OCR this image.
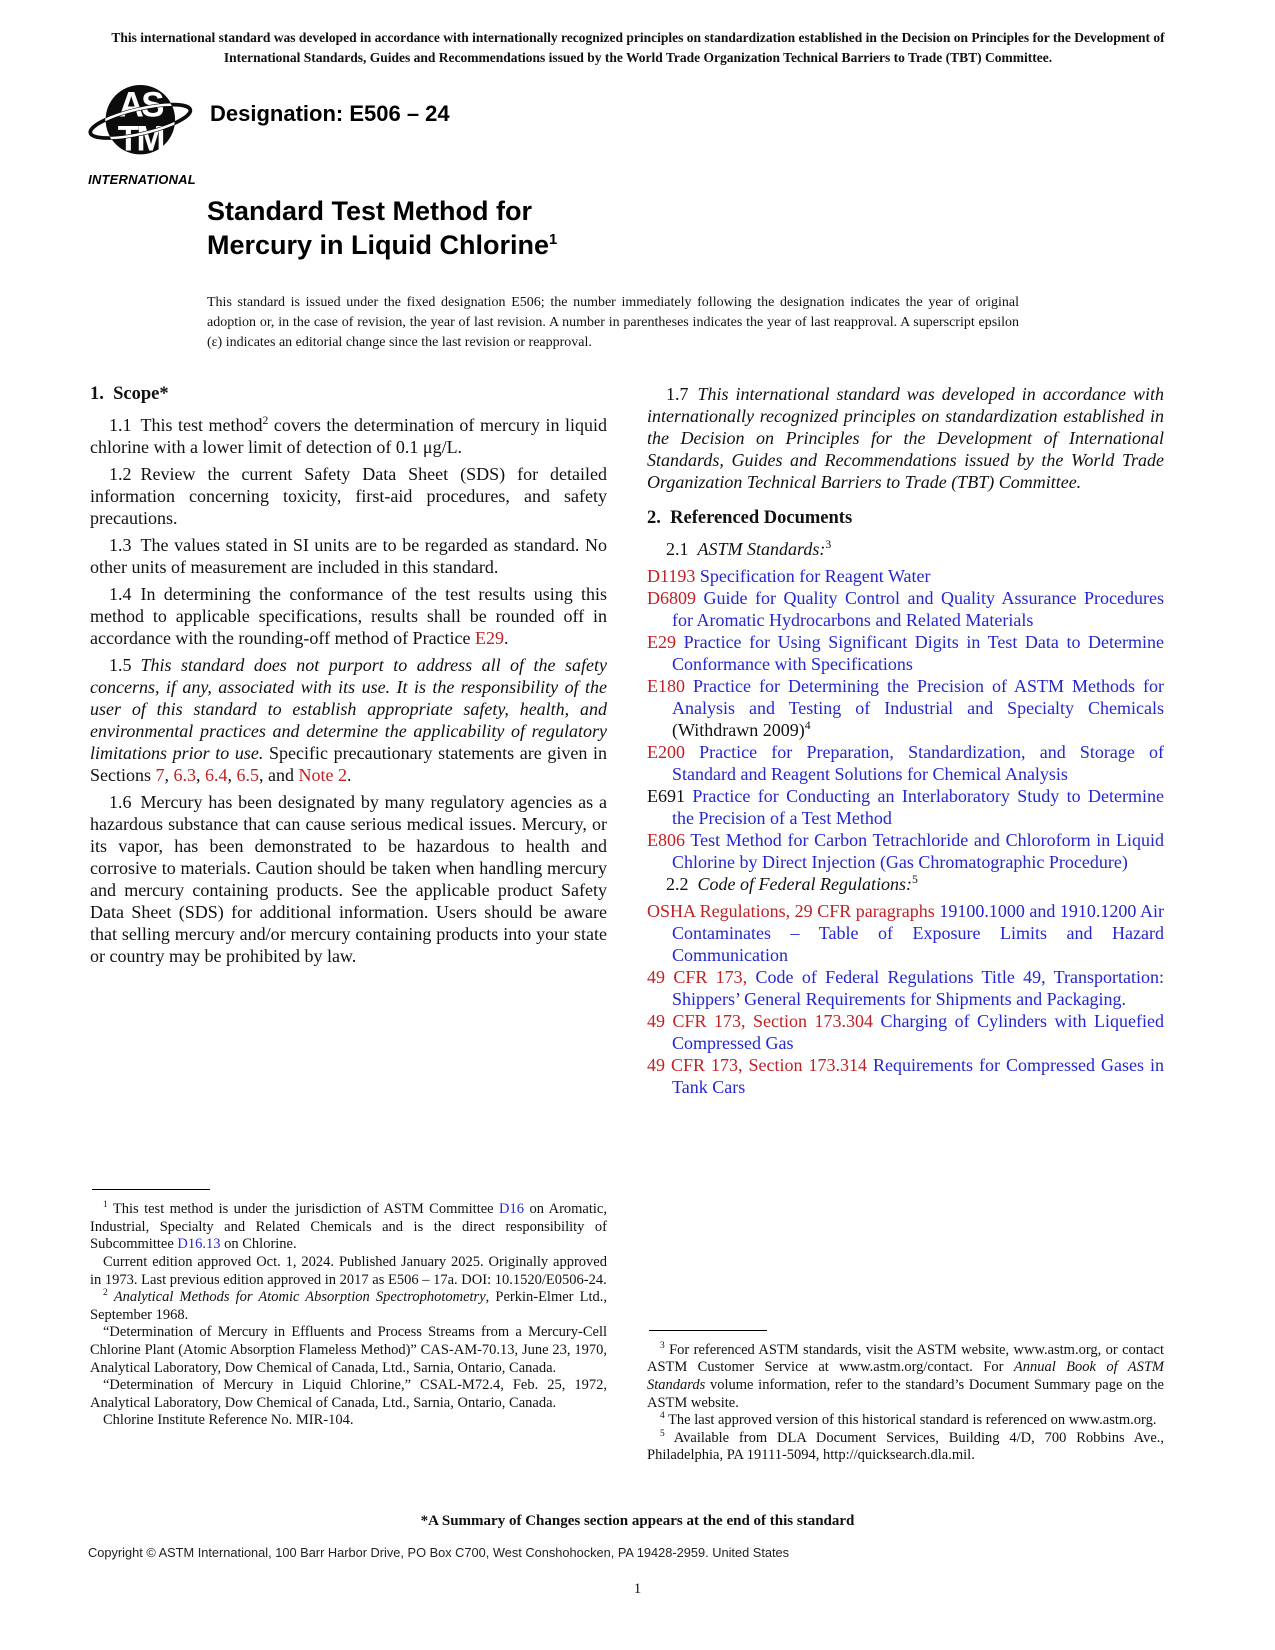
This international standard was developed in accordance with internationally recognized principles on standardization established in the Decision on Principles for the Development of International Standards, Guides and Recommendations issued by the World Trade Organization Technical Barriers to Trade (TBT) Committee.

AS
TM
INTERNATIONAL

Designation: E506 – 24

Standard Test Method for
Mercury in Liquid Chlorine$^1$

This standard is issued under the fixed designation E506; the number immediately following the designation indicates the year of original adoption or, in the case of revision, the year of last revision. A number in parentheses indicates the year of last reapproval. A superscript epsilon (ε) indicates an editorial change since the last revision or reapproval.

1. Scope*

1.1 This test method$^2$ covers the determination of mercury in liquid chlorine with a lower limit of detection of 0.1 μg/L.

1.2 Review the current Safety Data Sheet (SDS) for detailed information concerning toxicity, first-aid procedures, and safety precautions.

1.3 The values stated in SI units are to be regarded as standard. No other units of measurement are included in this standard.

1.4 In determining the conformance of the test results using this method to applicable specifications, results shall be rounded off in accordance with the rounding-off method of Practice E29.

1.5 This standard does not purport to address all of the safety concerns, if any, associated with its use. It is the responsibility of the user of this standard to establish appropriate safety, health, and environmental practices and determine the applicability of regulatory limitations prior to use. Specific precautionary statements are given in Sections 7, 6.3, 6.4, 6.5, and Note 2.

1.6 Mercury has been designated by many regulatory agencies as a hazardous substance that can cause serious medical issues. Mercury, or its vapor, has been demonstrated to be hazardous to health and corrosive to materials. Caution should be taken when handling mercury and mercury containing products. See the applicable product Safety Data Sheet (SDS) for additional information. Users should be aware that selling mercury and/or mercury containing products into your state or country may be prohibited by law.

$^1$ This test method is under the jurisdiction of ASTM Committee D16 on Aromatic, Industrial, Specialty and Related Chemicals and is the direct responsibility of Subcommittee D16.13 on Chlorine.

Current edition approved Oct. 1, 2024. Published January 2025. Originally approved in 1973. Last previous edition approved in 2017 as E506 – 17a. DOI: 10.1520/E0506-24.

$^2$ Analytical Methods for Atomic Absorption Spectrophotometry, Perkin-Elmer Ltd., September 1968.

“Determination of Mercury in Effluents and Process Streams from a Mercury-Cell Chlorine Plant (Atomic Absorption Flameless Method)” CAS-AM-70.13, June 23, 1970, Analytical Laboratory, Dow Chemical of Canada, Ltd., Sarnia, Ontario, Canada.

“Determination of Mercury in Liquid Chlorine,” CSAL-M72.4, Feb. 25, 1972, Analytical Laboratory, Dow Chemical of Canada, Ltd., Sarnia, Ontario, Canada.

Chlorine Institute Reference No. MIR-104.

1.7 This international standard was developed in accordance with internationally recognized principles on standardization established in the Decision on Principles for the Development of International Standards, Guides and Recommendations issued by the World Trade Organization Technical Barriers to Trade (TBT) Committee.

2. Referenced Documents

2.1 ASTM Standards:$^3$

D1193 Specification for Reagent Water

D6809 Guide for Quality Control and Quality Assurance Procedures for Aromatic Hydrocarbons and Related Materials

E29 Practice for Using Significant Digits in Test Data to Determine Conformance with Specifications

E180 Practice for Determining the Precision of ASTM Methods for Analysis and Testing of Industrial and Specialty Chemicals (Withdrawn 2009)$^4$

E200 Practice for Preparation, Standardization, and Storage of Standard and Reagent Solutions for Chemical Analysis

E691 Practice for Conducting an Interlaboratory Study to Determine the Precision of a Test Method

E806 Test Method for Carbon Tetrachloride and Chloroform in Liquid Chlorine by Direct Injection (Gas Chromatographic Procedure)

2.2 Code of Federal Regulations:$^5$

OSHA Regulations, 29 CFR paragraphs 19100.1000 and 1910.1200 Air Contaminates – Table of Exposure Limits and Hazard Communication

49 CFR 173, Code of Federal Regulations Title 49, Transportation: Shippers’ General Requirements for Shipments and Packaging.

49 CFR 173, Section 173.304 Charging of Cylinders with Liquefied Compressed Gas

49 CFR 173, Section 173.314 Requirements for Compressed Gases in Tank Cars

$^3$ For referenced ASTM standards, visit the ASTM website, www.astm.org, or contact ASTM Customer Service at www.astm.org/contact. For Annual Book of ASTM Standards volume information, refer to the standard’s Document Summary page on the ASTM website.

$^4$ The last approved version of this historical standard is referenced on www.astm.org.

$^5$ Available from DLA Document Services, Building 4/D, 700 Robbins Ave., Philadelphia, PA 19111-5094, http://quicksearch.dla.mil.

*A Summary of Changes section appears at the end of this standard

Copyright © ASTM International, 100 Barr Harbor Drive, PO Box C700, West Conshohocken, PA 19428-2959. United States

1
